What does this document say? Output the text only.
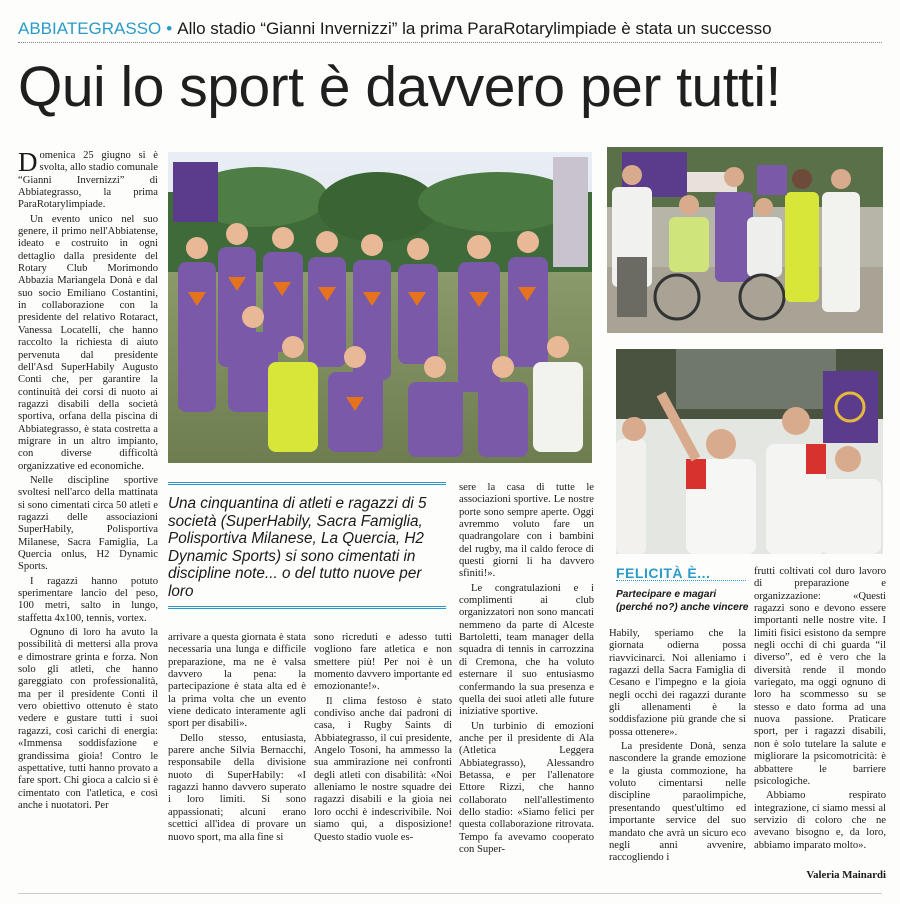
ABBIATEGRASSO • Allo stadio “Gianni Invernizzi” la prima ParaRotarylimpiade è stata un successo
Qui lo sport è davvero per tutti!

Domenica 25 giugno si è svolta, allo stadio comunale “Gianni Invernizzi” di Abbiategrasso, la prima ParaRotarylimpiade.

Un evento unico nel suo genere, il primo nell'Abbiatense, ideato e costruito in ogni dettaglio dalla presidente del Rotary Club Morimondo Abbazia Mariangela Donà e dal suo socio Emiliano Costantini, in collaborazione con la presidente del relativo Rotaract, Vanessa Locatelli, che hanno raccolto la richiesta di aiuto pervenuta dal presidente dell'Asd SuperHabily Augusto Conti che, per garantire la continuità dei corsi di nuoto ai ragazzi disabili della società sportiva, orfana della piscina di Abbiategrasso, è stata costretta a migrare in un altro impianto, con diverse difficoltà organizzative ed economiche.

Nelle discipline sportive svoltesi nell'arco della mattinata si sono cimentati circa 50 atleti e ragazzi delle associazioni SuperHabily, Polisportiva Milanese, Sacra Famiglia, La Quercia onlus, H2 Dynamic Sports.

I ragazzi hanno potuto sperimentare lancio del peso, 100 metri, salto in lungo, staffetta 4x100, tennis, vortex.

Ognuno di loro ha avuto la possibilità di mettersi alla prova e dimostrare grinta e forza. Non solo gli atleti, che hanno gareggiato con professionalità, ma per il presidente Conti il vero obiettivo ottenuto è stato vedere e gustare tutti i suoi ragazzi, così carichi di energia: «Immensa soddisfazione e grandissima gioia! Contro le aspettative, tutti hanno provato a fare sport. Chi gioca a calcio si è cimentato con l'atletica, e così anche i nuotatori. Per

Una cinquantina di atleti e ragazzi di 5 società (SuperHabily, Sacra Famiglia, Polisportiva Milanese, La Quercia, H2 Dynamic Sports) si sono cimentati in discipline note... o del tutto nuove per loro

arrivare a questa giornata è stata necessaria una lunga e difficile preparazione, ma ne è valsa davvero la pena: la partecipazione è stata alta ed è la prima volta che un evento viene dedicato interamente agli sport per disabili».

Dello stesso, entusiasta, parere anche Silvia Bernacchi, responsabile della divisione nuoto di SuperHabily: «I ragazzi hanno davvero superato i loro limiti. Si sono appassionati; alcuni erano scettici all'idea di provare un nuovo sport, ma alla fine si

sono ricreduti e adesso tutti vogliono fare atletica e non smettere più! Per noi è un momento davvero importante ed emozionante!».

Il clima festoso è stato condiviso anche dai padroni di casa, i Rugby Saints di Abbiategrasso, il cui presidente, Angelo Tosoni, ha ammesso la sua ammirazione nei confronti degli atleti con disabilità: «Noi alleniamo le nostre squadre dei ragazzi disabili e la gioia nei loro occhi è indescrivibile. Noi siamo qui, a disposizione! Questo stadio vuole es-

sere la casa di tutte le associazioni sportive. Le nostre porte sono sempre aperte. Oggi avremmo voluto fare un quadrangolare con i bambini del rugby, ma il caldo feroce di questi giorni li ha davvero sfiniti!».

Le congratulazioni e i complimenti ai club organizzatori non sono mancati nemmeno da parte di Alceste Bartoletti, team manager della squadra di tennis in carrozzina di Cremona, che ha voluto esternare il suo entusiasmo confermando la sua presenza e quella dei suoi atleti alle future iniziative sportive.

Un turbinio di emozioni anche per il presidente di Ala (Atletica Leggera Abbiategrasso), Alessandro Betassa, e per l'allenatore Ettore Rizzi, che hanno collaborato nell'allestimento dello stadio: «Siamo felici per questa collaborazione ritrovata. Tempo fa avevamo cooperato con Super-

FELICITÀ È...
Partecipare e magari (perché no?) anche vincere

Habily, speriamo che la giornata odierna possa riavvicinarci. Noi alleniamo i ragazzi della Sacra Famiglia di Cesano e l'impegno e la gioia negli occhi dei ragazzi durante gli allenamenti è la soddisfazione più grande che si possa ottenere».

La presidente Donà, senza nascondere la grande emozione e la giusta commozione, ha voluto cimentarsi nelle discipline paraolimpiche, presentando quest'ultimo ed importante service del suo mandato che avrà un sicuro eco negli anni avvenire, raccogliendo i

frutti coltivati col duro lavoro di preparazione e organizzazione: «Questi ragazzi sono e devono essere importanti nelle nostre vite. I limiti fisici esistono da sempre negli occhi di chi guarda “il diverso”, ed è vero che la diversità rende il mondo variegato, ma oggi ognuno di loro ha scommesso su se stesso e dato forma ad una nuova passione. Praticare sport, per i ragazzi disabili, non è solo tutelare la salute e migliorare la psicomotricità: è abbattere le barriere psicologiche.

Abbiamo respirato integrazione, ci siamo messi al servizio di coloro che ne avevano bisogno e, da loro, abbiamo imparato molto».

Valeria Mainardi
